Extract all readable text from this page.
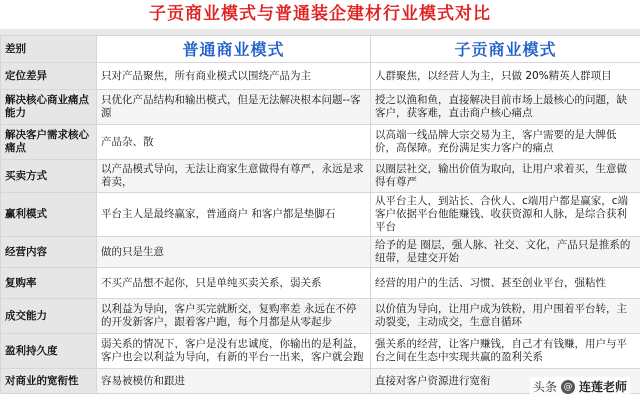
子贡商业模式与普通装企建材行业模式对比
差别	普通商业模式	子贡商业模式
定位差异	只对产品聚焦，所有商业模式以围绕产品为主	人群聚焦，以经营人为主，只做 20%精英人群项目
解决核心商业痛点能力	只优化产品结构和输出模式，但是无法解决根本问题--客源	授之以渔和鱼，直接解决目前市场上最核心的问题，缺客户，获客难，直击商户核心痛点
解决客户需求核心痛点	产品杂、散	以高端一线品牌大宗交易为主，客户需要的是大牌低价，高保障。充份满足实力客户的痛点
买卖方式	以产品模式导向，无法让商家生意做得有尊严，永远是求着卖，	以圈层社交，输出价值为取向，让用户求着买，生意做得有尊严
赢利模式	平台主人是最终赢家，普通商户 和客户都是垫脚石	从平台主人，到站长、合伙人、c端用户都是赢家，c端客户依据平台他能赚钱、收获资源和人脉，是综合获利平台
经营内容	做的只是生意	给予的是 圈层，强人脉、社交、文化，产品只是推系的纽带，是建交开始
复购率	不买产品想不起你，只是单纯买卖关系，弱关系	经营的用户的生活、习惯、甚至创业平台，强粘性
成交能力	以利益为导向，客户买完就断交，复购率差 永远在不停的开发新客户，跟着客户跑，每个月都是从零起步	以价值为导向，让用户成为铁粉，用户围着平台转，主动裂变，主动成交，生意自循环
盈利持久度	弱关系的情况下，客户是没有忠诚度，你输出的是利益，客户也会以利益为导向，有新的平台一出来，客户就会跑	强关系的经营，让客户赚钱，自己才有钱赚，用户与平台之间在生态中实现共赢的盈利关系
对商业的宽衔性	容易被模仿和跟进	直接对客户资源进行宽衔	头条 @ 连莲老师
